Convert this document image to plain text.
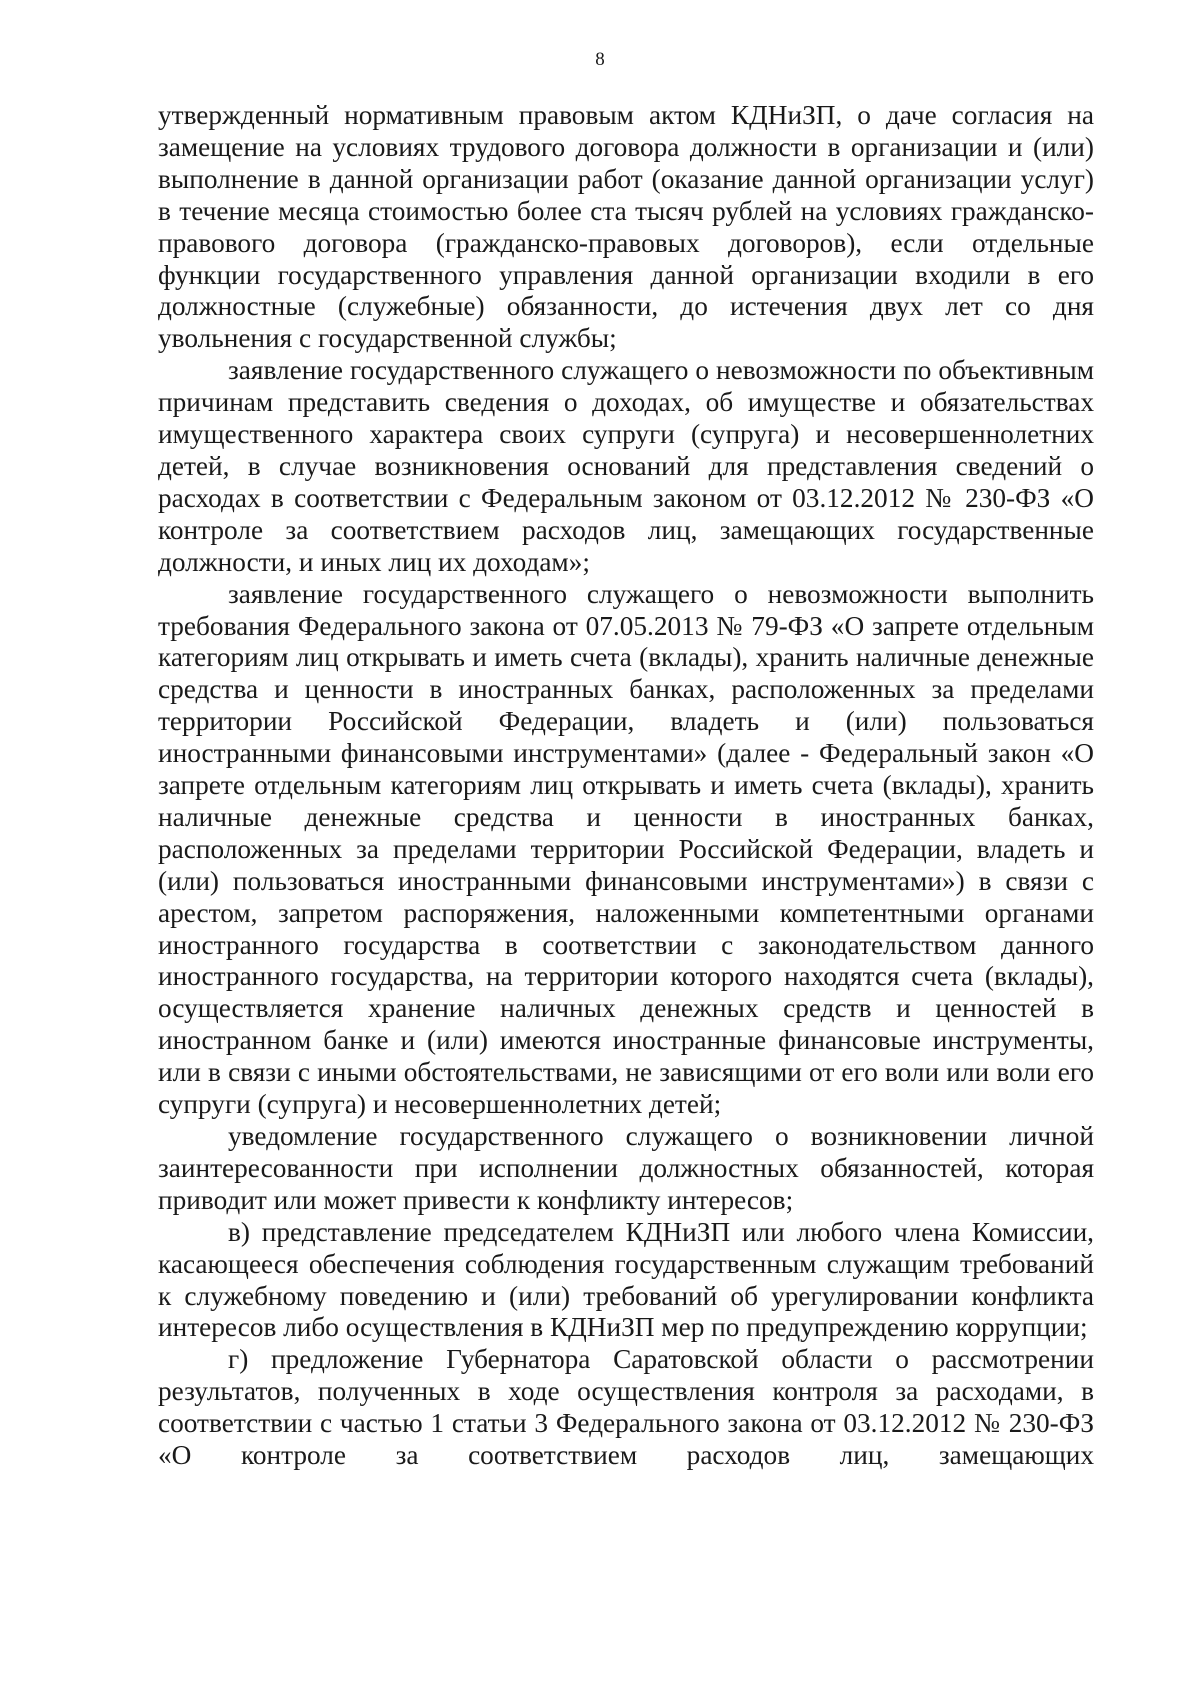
8

утвержденный нормативным правовым актом КДНиЗП, о даче согласия на замещение на условиях трудового договора должности в организации и (или) выполнение в данной организации работ (оказание данной организации услуг) в течение месяца стоимостью более ста тысяч рублей на условиях гражданско-правового договора (гражданско-правовых договоров), если отдельные функции государственного управления данной организации входили в его должностные (служебные) обязанности, до истечения двух лет со дня увольнения с государственной службы;

заявление государственного служащего о невозможности по объективным причинам представить сведения о доходах, об имуществе и обязательствах имущественного характера своих супруги (супруга) и несовершеннолетних детей, в случае возникновения оснований для представления сведений о расходах в соответствии с Федеральным законом от 03.12.2012 № 230-ФЗ «О контроле за соответствием расходов лиц, замещающих государственные должности, и иных лиц их доходам»;

заявление государственного служащего о невозможности выполнить требования Федерального закона от 07.05.2013 № 79-ФЗ «О запрете отдельным категориям лиц открывать и иметь счета (вклады), хранить наличные денежные средства и ценности в иностранных банках, расположенных за пределами территории Российской Федерации, владеть и (или) пользоваться иностранными финансовыми инструментами» (далее - Федеральный закон «О запрете отдельным категориям лиц открывать и иметь счета (вклады), хранить наличные денежные средства и ценности в иностранных банках, расположенных за пределами территории Российской Федерации, владеть и (или) пользоваться иностранными финансовыми инструментами») в связи с арестом, запретом распоряжения, наложенными компетентными органами иностранного государства в соответствии с законодательством данного иностранного государства, на территории которого находятся счета (вклады), осуществляется хранение наличных денежных средств и ценностей в иностранном банке и (или) имеются иностранные финансовые инструменты, или в связи с иными обстоятельствами, не зависящими от его воли или воли его супруги (супруга) и несовершеннолетних детей;

уведомление государственного служащего о возникновении личной заинтересованности при исполнении должностных обязанностей, которая приводит или может привести к конфликту интересов;

в) представление председателем КДНиЗП или любого члена Комиссии, касающееся обеспечения соблюдения государственным служащим требований к служебному поведению и (или) требований об урегулировании конфликта интересов либо осуществления в КДНиЗП мер по предупреждению коррупции;

г) предложение Губернатора Саратовской области о рассмотрении результатов, полученных в ходе осуществления контроля за расходами, в соответствии с частью 1 статьи 3 Федерального закона от 03.12.2012 № 230-ФЗ «О контроле за соответствием расходов лиц, замещающих
